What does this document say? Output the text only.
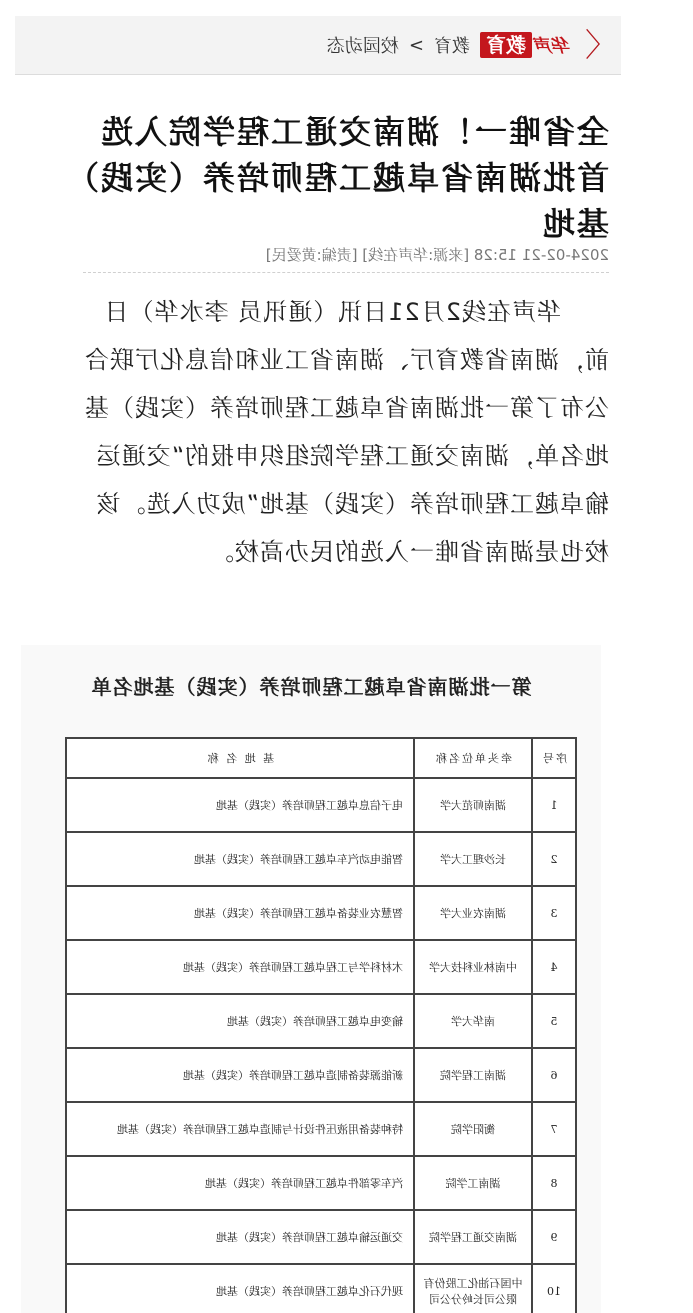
〈
华声
教育
教育
>
校园动态
全省唯一！湖南交通工程学院入选首批湖南省卓越工程师培养（实践）基地
2024-02-21 15:28 [来源:华声在线] [责编:黄爱民]

华声在线2月21日讯（通讯员 李水华）日前，湖南省教育厅、湖南省工业和信息化厅联合公布了第一批湖南省卓越工程师培养（实践）基地名单，湖南交通工程学院组织申报的“交通运输卓越工程师培养（实践）基地”成功入选。该校也是湖南省唯一入选的民办高校。

第一批湖南省卓越工程师培养（实践）基地名单
序号	牵头单位名称	基 地 名 称
1	湖南师范大学	电子信息卓越工程师培养（实践）基地
2	长沙理工大学	智能电动汽车卓越工程师培养（实践）基地
3	湖南农业大学	智慧农业装备卓越工程师培养（实践）基地
4	中南林业科技大学	木材科学与工程卓越工程师培养（实践）基地
5	南华大学	输变电卓越工程师培养（实践）基地
6	湖南工程学院	新能源装备制造卓越工程师培养（实践）基地
7	衡阳学院	特种装备用液压件设计与制造卓越工程师培养（实践）基地
8	湖南工学院	汽车零部件卓越工程师培养（实践）基地
9	湖南交通工程学院	交通运输卓越工程师培养（实践）基地
10	中国石油化工股份有限公司长岭分公司	现代石化卓越工程师培养（实践）基地
